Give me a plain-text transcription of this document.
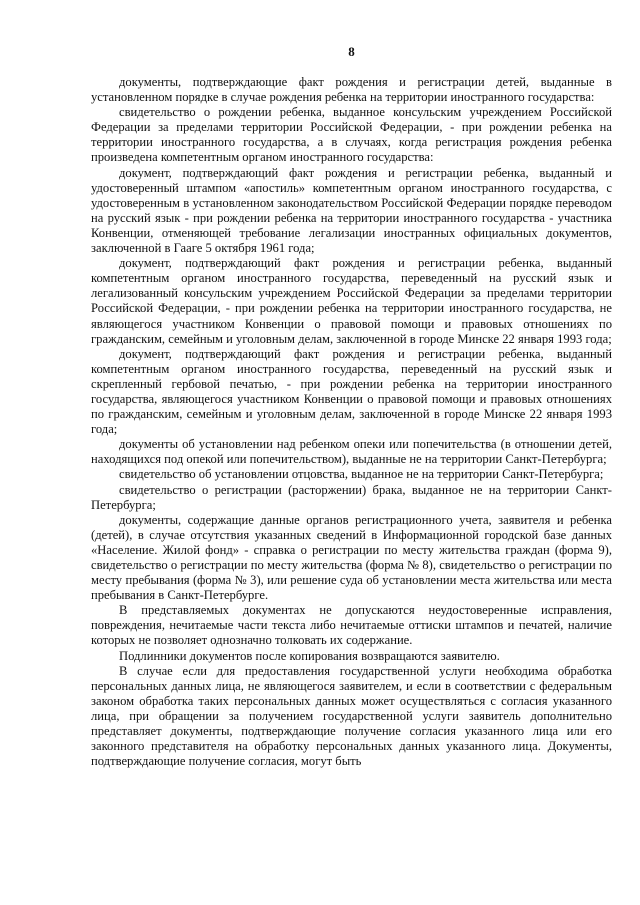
8

документы, подтверждающие факт рождения и регистрации детей, выданные в установленном порядке в случае рождения ребенка на территории иностранного государства:

свидетельство о рождении ребенка, выданное консульским учреждением Российской Федерации за пределами территории Российской Федерации, - при рождении ребенка на территории иностранного государства, а в случаях, когда регистрация рождения ребенка произведена компетентным органом иностранного государства:

документ, подтверждающий факт рождения и регистрации ребенка, выданный и удостоверенный штампом «апостиль» компетентным органом иностранного государства, с удостоверенным в установленном законодательством Российской Федерации порядке переводом на русский язык - при рождении ребенка на территории иностранного государства - участника Конвенции, отменяющей требование легализации иностранных официальных документов, заключенной в Гааге 5 октября 1961 года;

документ, подтверждающий факт рождения и регистрации ребенка, выданный компетентным органом иностранного государства, переведенный на русский язык и легализованный консульским учреждением Российской Федерации за пределами территории Российской Федерации, - при рождении ребенка на территории иностранного государства, не являющегося участником Конвенции о правовой помощи и правовых отношениях по гражданским, семейным и уголовным делам, заключенной в городе Минске 22 января 1993 года;

документ, подтверждающий факт рождения и регистрации ребенка, выданный компетентным органом иностранного государства, переведенный на русский язык и скрепленный гербовой печатью, - при рождении ребенка на территории иностранного государства, являющегося участником Конвенции о правовой помощи и правовых отношениях по гражданским, семейным и уголовным делам, заключенной в городе Минске 22 января 1993 года;

документы об установлении над ребенком опеки или попечительства (в отношении детей, находящихся под опекой или попечительством), выданные не на территории Санкт-Петербурга;

свидетельство об установлении отцовства, выданное не на территории Санкт-Петербурга;

свидетельство о регистрации (расторжении) брака, выданное не на территории Санкт-Петербурга;

документы, содержащие данные органов регистрационного учета, заявителя и ребенка (детей), в случае отсутствия указанных сведений в Информационной городской базе данных «Население. Жилой фонд» - справка о регистрации по месту жительства граждан (форма 9), свидетельство о регистрации по месту жительства (форма № 8), свидетельство о регистрации по месту пребывания (форма № 3), или решение суда об установлении места жительства или места пребывания в Санкт-Петербурге.

В представляемых документах не допускаются неудостоверенные исправления, повреждения, нечитаемые части текста либо нечитаемые оттиски штампов и печатей, наличие которых не позволяет однозначно толковать их содержание.

Подлинники документов после копирования возвращаются заявителю.

В случае если для предоставления государственной услуги необходима обработка персональных данных лица, не являющегося заявителем, и если в соответствии с федеральным законом обработка таких персональных данных может осуществляться с согласия указанного лица, при обращении за получением государственной услуги заявитель дополнительно представляет документы, подтверждающие получение согласия указанного лица или его законного представителя на обработку персональных данных указанного лица. Документы, подтверждающие получение согласия, могут быть
